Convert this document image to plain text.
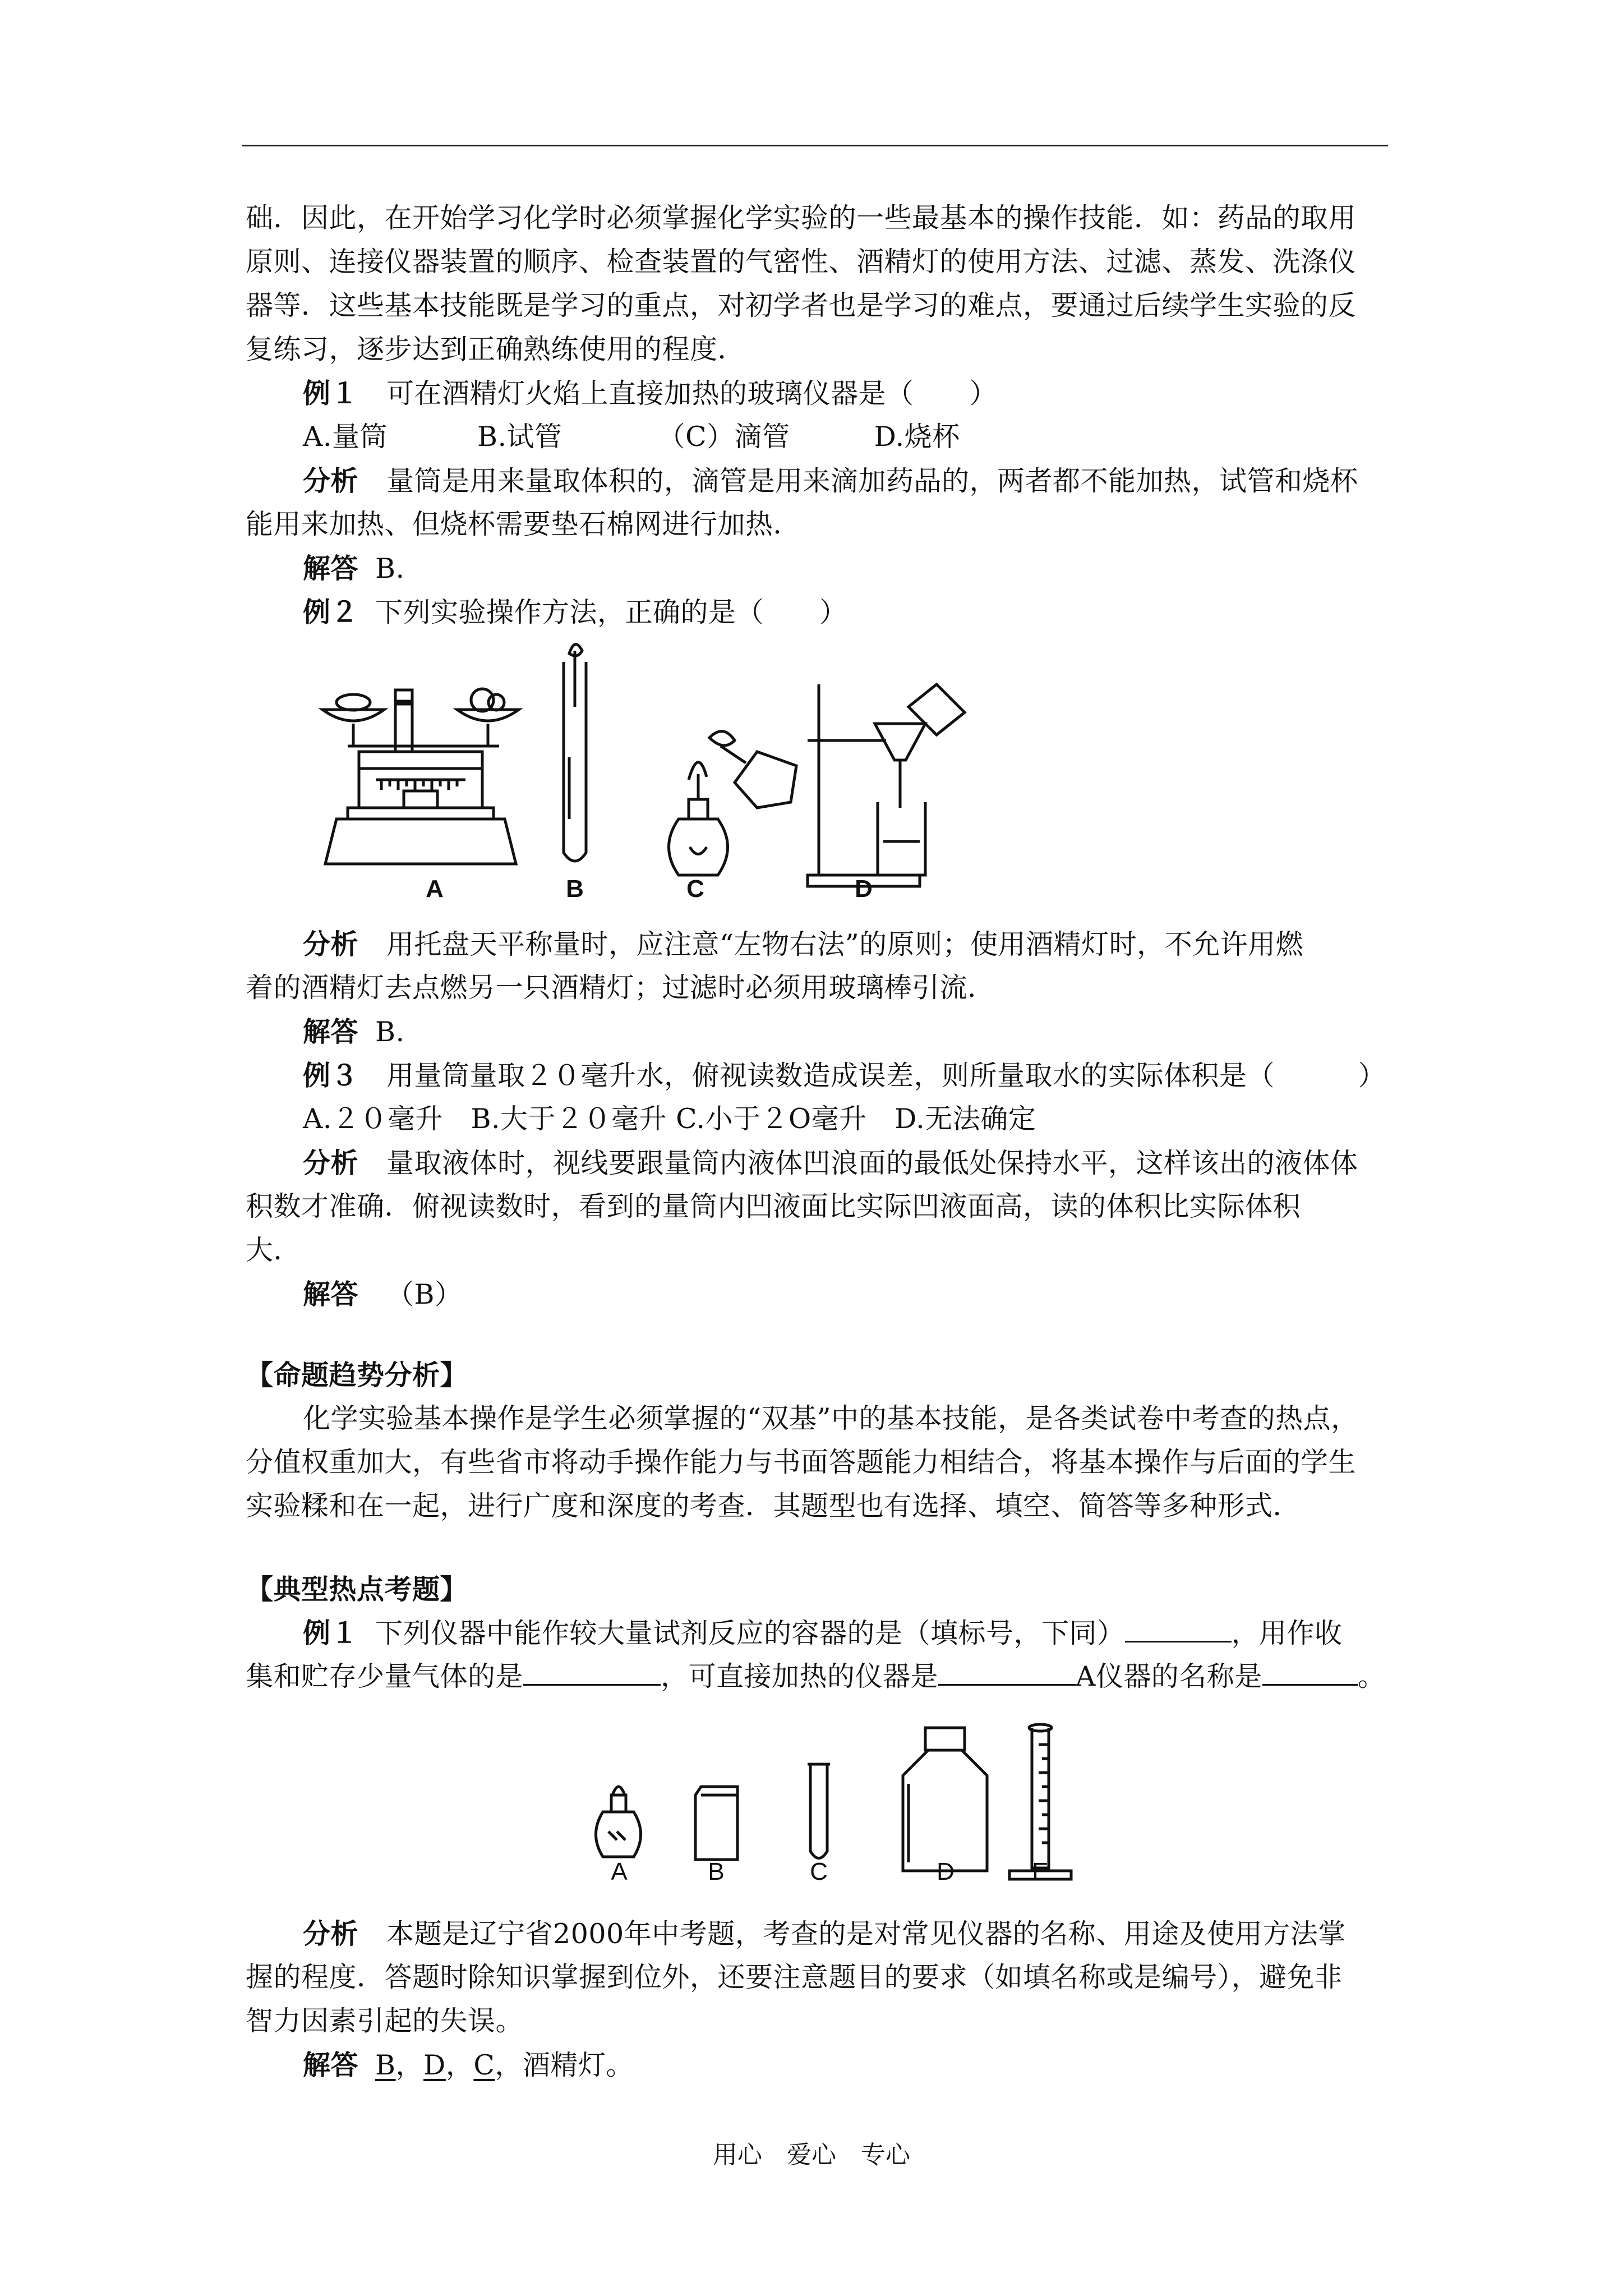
础．因此，在开始学习化学时必须掌握化学实验的一些最基本的操作技能．如：药品的取用
原则、连接仪器装置的顺序、检查装置的气密性、酒精灯的使用方法、过滤、蒸发、洗涤仪
器等．这些基本技能既是学习的重点，对初学者也是学习的难点，要通过后续学生实验的反
复练习，逐步达到正确熟练使用的程度．
例１ 可在酒精灯火焰上直接加热的玻璃仪器是（　　）
A.量筒	B.试管	（C）滴管	D.烧杯
分析 量筒是用来量取体积的，滴管是用来滴加药品的，两者都不能加热，试管和烧杯
能用来加热、但烧杯需要垫石棉网进行加热．
解答 B.
例２ 下列实验操作方法，正确的是（　　）
A	B	C	D
分析 用托盘天平称量时，应注意“左物右法”的原则；使用酒精灯时，不允许用燃
着的酒精灯去点燃另一只酒精灯；过滤时必须用玻璃棒引流．
解答 B.
例３ 用量筒量取２０毫升水，俯视读数造成误差，则所量取水的实际体积是（　　　）
A.２０毫升　B.大于２０毫升 C.小于２O毫升　D.无法确定
分析 量取液体时，视线要跟量筒内液体凹浪面的最低处保持水平，这样该出的液体体
积数才准确．俯视读数时，看到的量筒内凹液面比实际凹液面高，读的体积比实际体积
大．
解答 （B）
【命题趋势分析】
化学实验基本操作是学生必须掌握的“双基”中的基本技能，是各类试卷中考查的热点，
分值权重加大，有些省市将动手操作能力与书面答题能力相结合，将基本操作与后面的学生
实验糅和在一起，进行广度和深度的考查．其题型也有选择、填空、简答等多种形式．
【典型热点考题】
例１ 下列仪器中能作较大量试剂反应的容器的是（填标号，下同）	，用作收
集和贮存少量气体的是	，可直接加热的仪器是	A仪器的名称是	。
A	B	C	D	E
分析 本题是辽宁省2000年中考题，考查的是对常见仪器的名称、用途及使用方法掌
握的程度．答题时除知识掌握到位外，还要注意题目的要求（如填名称或是编号），避免非
智力因素引起的失误。
解答 B，D，C，酒精灯。
用心　爱心　专心
